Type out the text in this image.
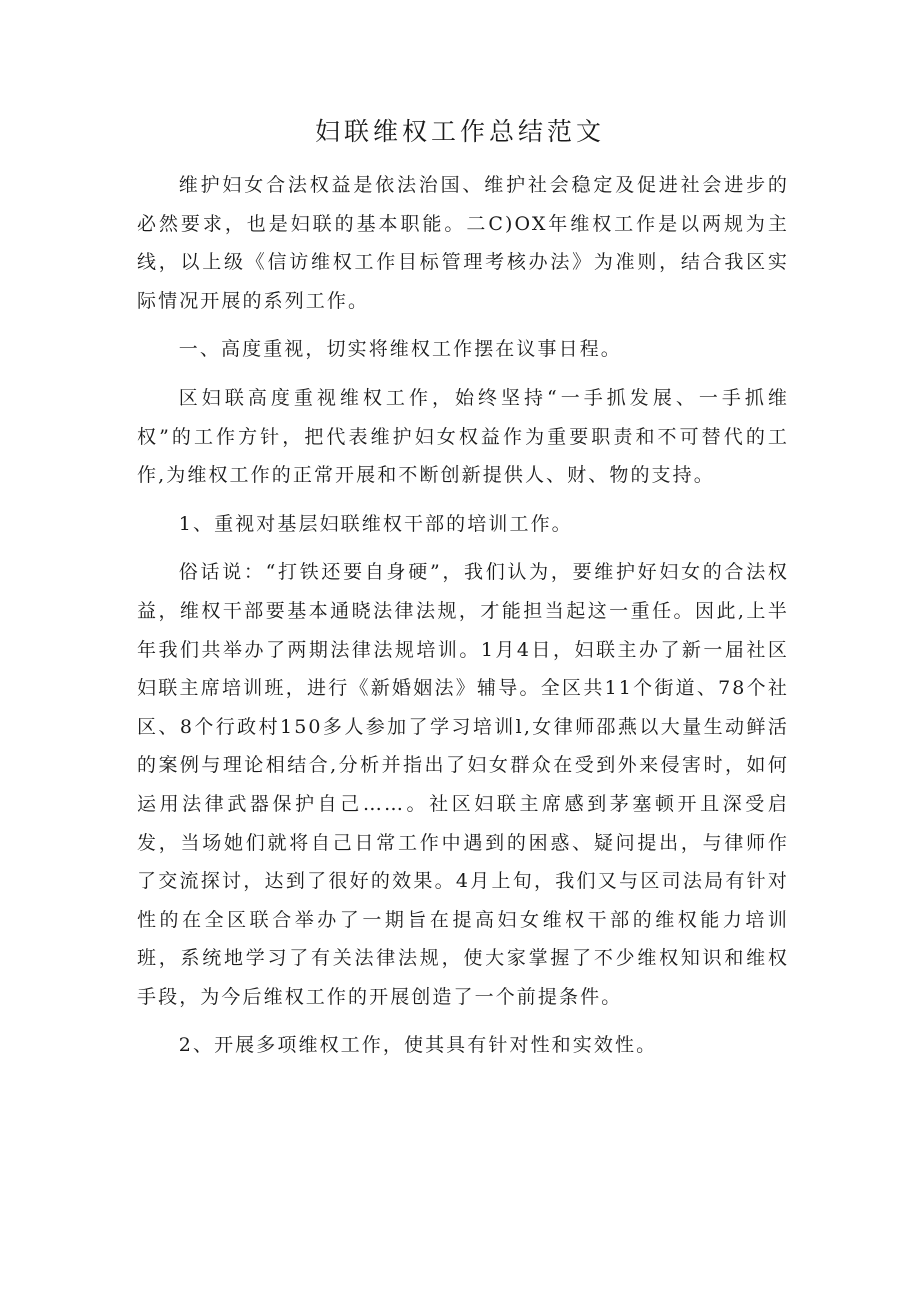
妇联维权工作总结范文

维护妇女合法权益是依法治国、维护社会稳定及促进社会进步的必然要求，也是妇联的基本职能。二C)OX年维权工作是以两规为主线，以上级《信访维权工作目标管理考核办法》为准则，结合我区实际情况开展的系列工作。

一、高度重视，切实将维权工作摆在议事日程。

区妇联高度重视维权工作，始终坚持“一手抓发展、一手抓维权”的工作方针，把代表维护妇女权益作为重要职责和不可替代的工作,为维权工作的正常开展和不断创新提供人、财、物的支持。

1、重视对基层妇联维权干部的培训工作。

俗话说：“打铁还要自身硬”，我们认为，要维护好妇女的合法权益，维权干部要基本通晓法律法规，才能担当起这一重任。因此,上半年我们共举办了两期法律法规培训。1月4日，妇联主办了新一届社区妇联主席培训班，进行《新婚姻法》辅导。全区共11个街道、78个社区、8个行政村150多人参加了学习培训l,女律师邵燕以大量生动鲜活的案例与理论相结合,分析并指出了妇女群众在受到外来侵害时，如何运用法律武器保护自己……。社区妇联主席感到茅塞顿开且深受启发，当场她们就将自己日常工作中遇到的困惑、疑问提出，与律师作了交流探讨，达到了很好的效果。4月上旬，我们又与区司法局有针对性的在全区联合举办了一期旨在提高妇女维权干部的维权能力培训班，系统地学习了有关法律法规，使大家掌握了不少维权知识和维权手段，为今后维权工作的开展创造了一个前提条件。

2、开展多项维权工作，使其具有针对性和实效性。
